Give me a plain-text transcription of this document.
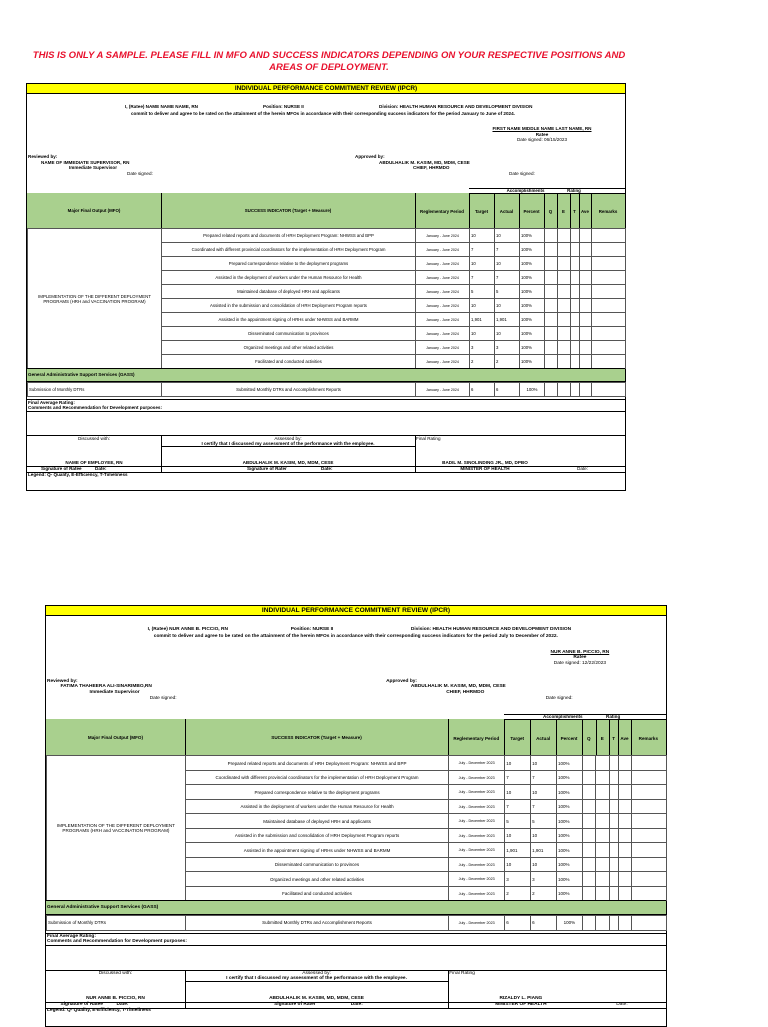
THIS IS ONLY A SAMPLE. PLEASE FILL IN MFO AND SUCCESS INDICATORS DEPENDING ON YOUR RESPECTIVE POSITIONS AND AREAS OF DEPLOYMENT.
INDIVIDUAL PERFORMANCE COMMITMENT REVIEW (IPCR)
I, (Ratee) NAME NAME NAME, RN	Position: NURSE II	Division: HEALTH HUMAN RESOURCE AND DEVELOPMENT DIVISION
commit to deliver and agree to be rated on the attainment of the herein MFOs in accordance with their corresponding success indicators for the period January to June of 2024.
FIRST NAME MIDDLE NAME LAST NAME, RN
Ratee
Date signed: 06/15/2023
Reviewed by:
NAME OF IMMEDIATE SUPERVISOR, RN
Immediate Supervisor
Date signed:
Approved by:
ABDULHALIK M. KASIM, MD, MDM, CESE
CHIEF, HHRMDO
Date signed:
Accomplishments	Rating
Major Final Output (MFO)	SUCCESS INDICATOR (Target + Measure)	Reglementary Period	Target	Actual	Percent	Q	E	T	Ave	Remarks
IMPLEMENTATION OF THE DIFFERENT DEPLOYMENT PROGRAMS (HRH and VACCINATION PROGRAM)	Prepared related reports and documents of HRH Deployment Program: NHWSS and BPP	January - June 2024	10	10	100%						
	Coordinated with different provincial coordinators for the implementation of HRH Deployment Program	January - June 2024	7	7	100%						
	Prepared correspondence relative to the deployment programs	January - June 2024	10	10	100%						
	Assisted in the deployment of workers under the Human Resource for Health	January - June 2024	7	7	100%						
	Maintained database of deployed HRH and applicants	January - June 2024	5	5	100%						
	Assisted in the submission and consolidation of HRH Deployment Program reports	January - June 2024	10	10	100%						
	Assisted in the appointment signing of HRHs under NHWSS and BARMM	January - June 2024	1,901	1,901	100%						
	Disseminated communication to provinces	January - June 2024	10	10	100%						
	Organized meetings and other related activities	January - June 2024	3	3	100%						
	Facilitated and conducted activities	January - June 2024	2	2	100%						
General Administrative Support Services (GASS)
Submission of Monthly DTRs	Submitted Monthly DTRs and Accomplishment Reports	January - June 2024	6	6	100%						
Final Average Rating:
Comments and Recommendation for Development purposes:
Discussed with:	Assessed by:	Final Rating
I certify that I discussed my assessment of the performance with the employee.
NAME OF EMPLOYEE, RN	ABDULHALIK M. KASIM, MD, MDM, CESE	BADIL M. SINOLINDING JR., MD, DPBO
Signature of Ratee	Date:	Signature of Rater	Date:	MINISTER OF HEALTH	Date:
Legend: Q- Quality, E-Efficiency, T-Timeliness
INDIVIDUAL PERFORMANCE COMMITMENT REVIEW (IPCR)
I, (Ratee) NUR ANNE B. PICCIO, RN	Position: NURSE II	Division: HEALTH HUMAN RESOURCE AND DEVELOPMENT DIVISION
commit to deliver and agree to be rated on the attainment of the herein MFOs in accordance with their corresponding success indicators for the period July to December of 2022.
NUR ANNE B. PICCIO, RN
Ratee
Date signed: 12/22/2023
Reviewed by:
FATIMA THAHEERA ALI-SINARIMBO,RN
Immediate Supervisor
Date signed:
Approved by:
ABDULHALIK M. KASIM, MD, MDM, CESE
CHIEF, HHRMDO
Date signed:
Accomplishments	Rating
Major Final Output (MFO)	SUCCESS INDICATOR (Target + Measure)	Reglementary Period	Target	Actual	Percent	Q	E	T	Ave	Remarks
IMPLEMENTATION OF THE DIFFERENT DEPLOYMENT PROGRAMS (HRH and VACCINATION PROGRAM)	Prepared related reports and documents of HRH Deployment Program: NHWSS and BPP	July - December 2023	10	10	100%						
	Coordinated with different provincial coordinators for the implementation of HRH Deployment Program	July - December 2023	7	7	100%						
	Prepared correspondence relative to the deployment programs	July - December 2023	10	10	100%						
	Assisted in the deployment of workers under the Human Resource for Health	July - December 2023	7	7	100%						
	Maintained database of deployed HRH and applicants	July - December 2023	5	5	100%						
	Assisted in the submission and consolidation of HRH Deployment Program reports	July - December 2023	10	10	100%						
	Assisted in the appointment signing of HRHs under NHWSS and BARMM	July - December 2023	1,901	1,901	100%						
	Disseminated communication to provinces	July - December 2023	10	10	100%						
	Organized meetings and other related activities	July - December 2023	3	3	100%						
	Facilitated and conducted activities	July - December 2023	2	2	100%						
General Administrative Support Services (GASS)
Submission of Monthly DTRs	Submitted Monthly DTRs and Accomplishment Reports	July - December 2023	6	6	100%						
Final Average Rating:
Comments and Recommendation for Development purposes:
Discussed with:	Assessed by:	Final Rating
I certify that I discussed my assessment of the performance with the employee.
NUR ANNE B. PICCIO, RN	ABDULHALIK M. KASIM, MD, MDM, CESE	RIZALDY L. PIANG
Signature of Ratee	Date:	Signature of Rater	Date:	MINISTER OF HEALTH	Date:
Legend: Q- Quality, E-Efficiency, T-Timeliness
